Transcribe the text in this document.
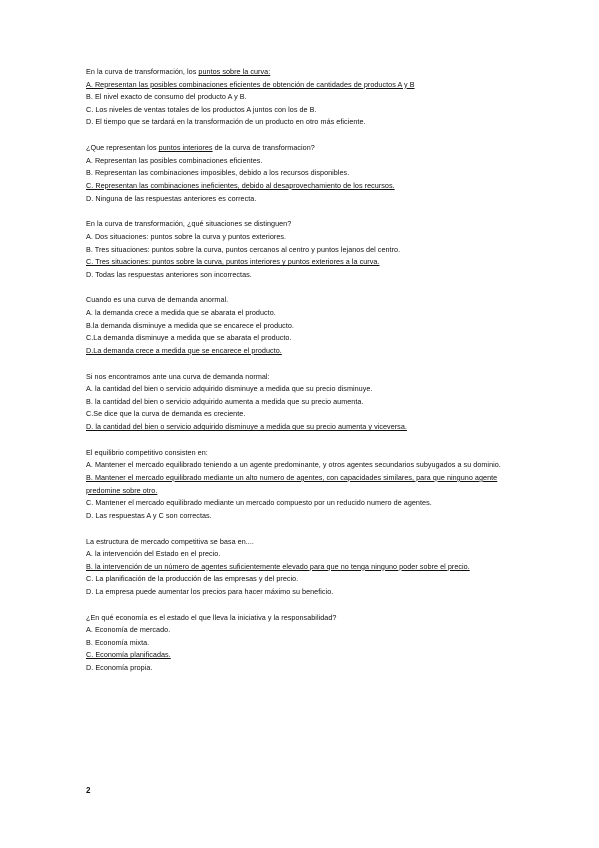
En la curva de transformación, los puntos sobre la curva:
A. Representan las posibles combinaciones eficientes de obtención de cantidades de productos A y B
B. El nivel exacto de consumo del producto A y B.
C. Los niveles de ventas totales de los productos A juntos con los de B.
D. El tiempo que se tardará en la transformación de un producto en otro más eficiente.
¿Que representan los puntos interiores de la curva de transformacion?
A. Representan las posibles combinaciones eficientes.
B. Representan las combinaciones imposibles, debido a los recursos disponibles.
C. Representan las combinaciones ineficientes, debido al desaprovechamiento de los recursos.
D. Ninguna de las respuestas anteriores es correcta.
En la curva de transformación, ¿qué situaciones se distinguen?
A. Dos situaciones: puntos sobre la curva y puntos exteriores.
B. Tres situaciones: puntos sobre la curva, puntos cercanos al centro y puntos lejanos del centro.
C. Tres situaciones: puntos sobre la curva, puntos interiores y puntos exteriores a la curva.
D. Todas las respuestas anteriores son incorrectas.
Cuando es una curva de demanda anormal.
A. la demanda crece a medida que se abarata el producto.
B.la demanda disminuye a medida que se encarece el producto.
C.La demanda disminuye a medida que se abarata el producto.
D.La demanda crece a medida que se encarece el producto.
Si nos encontramos ante una curva de demanda normal:
A. la cantidad del bien o servicio adquirido disminuye a medida que su precio disminuye.
B. la cantidad del bien o servicio adquirido aumenta a medida que su precio aumenta.
C.Se dice que la curva de demanda es creciente.
D. la cantidad del bien o servicio adquirido disminuye a medida que su precio aumenta y viceversa.
El equilibrio competitivo consisten en:
A. Mantener el mercado equilibrado teniendo a un agente predominante, y otros agentes secundarios subyugados a su dominio.
B. Mantener el mercado equilibrado mediante un alto numero de agentes, con capacidades similares, para que ninguno agente predomine sobre otro.
C. Mantener el mercado equilibrado mediante un mercado compuesto por un reducido numero de agentes.
D. Las respuestas A y C son correctas.
La estructura de mercado competitiva se basa en....
A. la intervención del Estado en el precio.
B. la intervención de un número de agentes suficientemente elevado para que no tenga ninguno poder sobre el precio.
C. La planificación de la producción de las empresas y del precio.
D. La empresa puede aumentar los precios para hacer máximo su beneficio.
¿En qué economía es el estado el que lleva la iniciativa y la responsabilidad?
A. Economía de mercado.
B. Economía mixta.
C. Economía planificadas.
D. Economía propia.
2
